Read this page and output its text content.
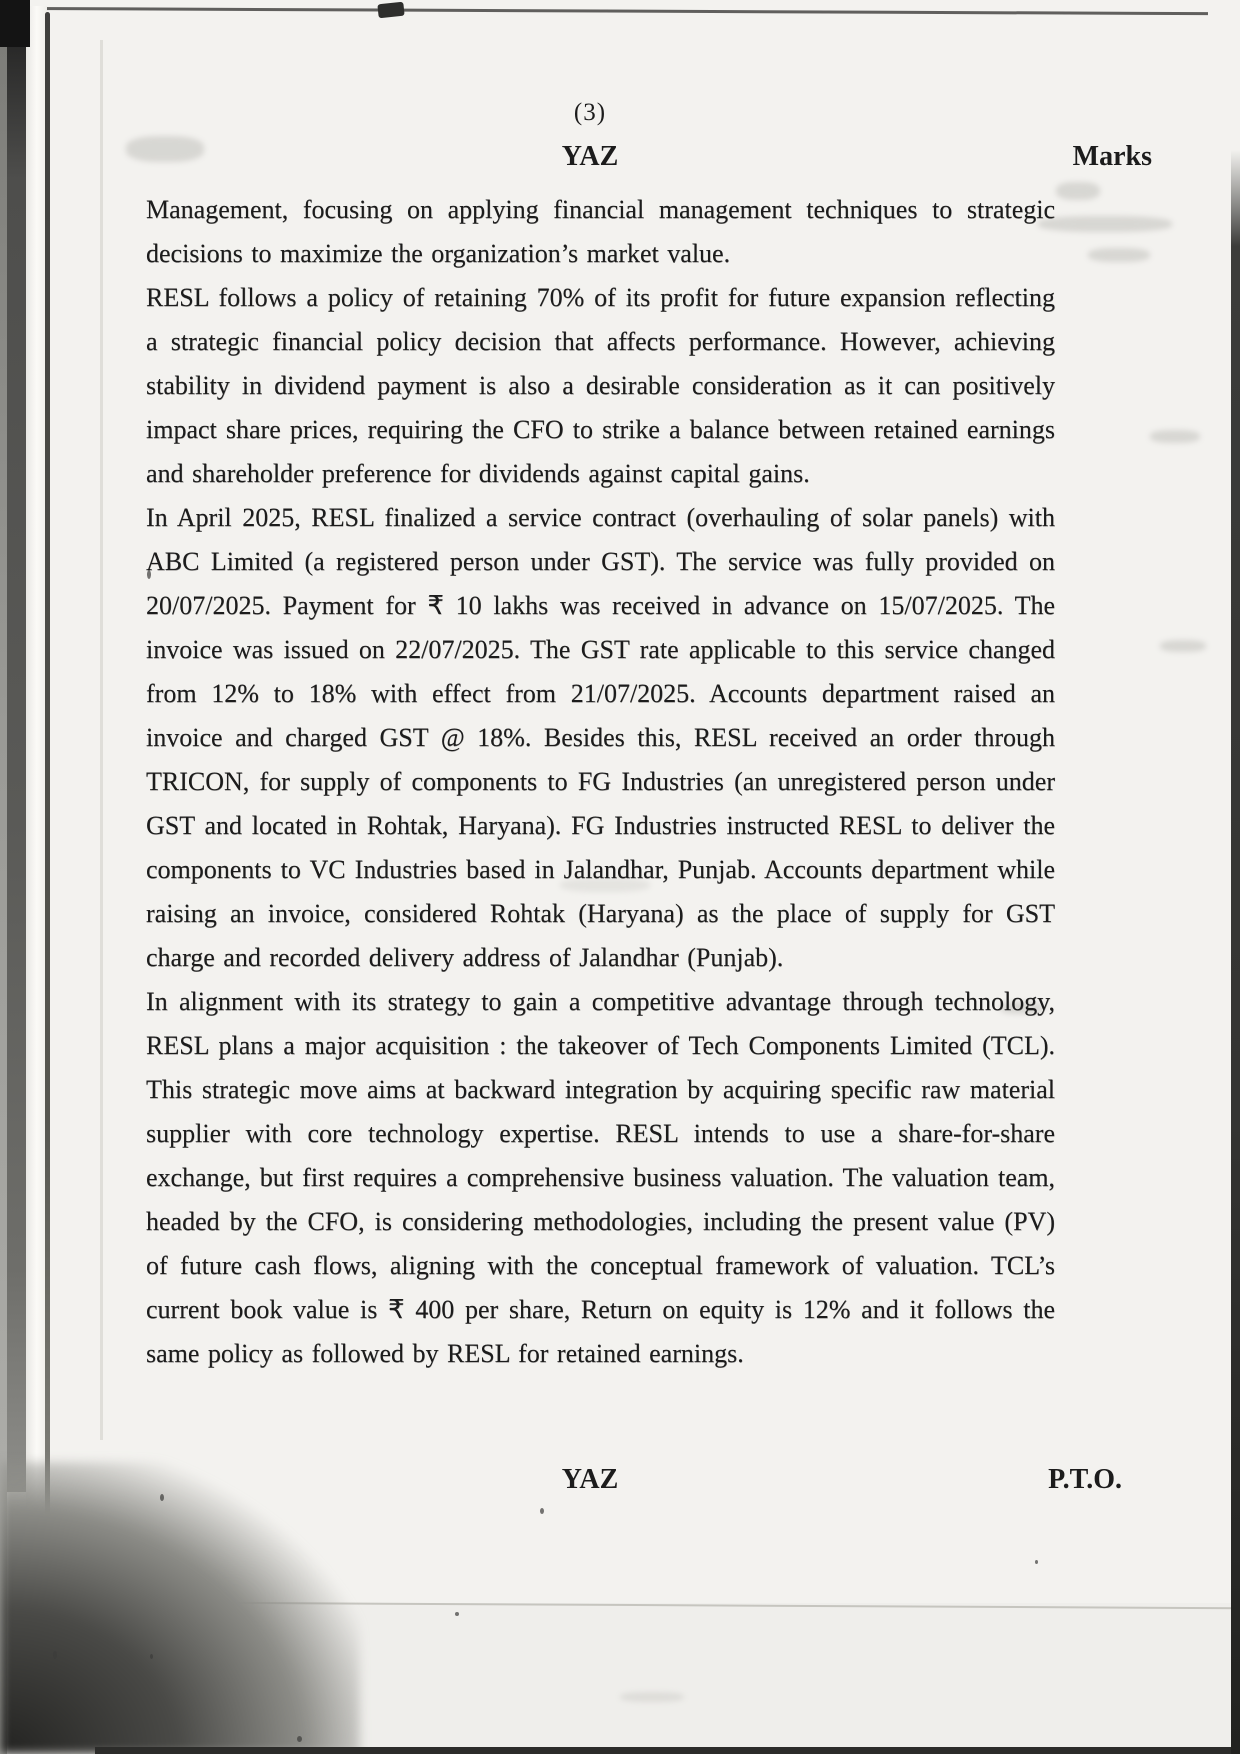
(3)
YAZ	Marks

Management, focusing on applying financial management techniques to strategic decisions to maximize the organization’s market value.

RESL follows a policy of retaining 70% of its profit for future expansion reflecting a strategic financial policy decision that affects performance. However, achieving stability in dividend payment is also a desirable consideration as it can positively impact share prices, requiring the CFO to strike a balance between retained earnings and shareholder preference for dividends against capital gains.

In April 2025, RESL finalized a service contract (overhauling of solar panels) with ABC Limited (a registered person under GST). The service was fully provided on 20/07/2025. Payment for ₹ 10 lakhs was received in advance on 15/07/2025. The invoice was issued on 22/07/2025. The GST rate applicable to this service changed from 12% to 18% with effect from 21/07/2025. Accounts department raised an invoice and charged GST @ 18%. Besides this, RESL received an order through TRICON, for supply of components to FG Industries (an unregistered person under GST and located in Rohtak, Haryana). FG Industries instructed RESL to deliver the components to VC Industries based in Jalandhar, Punjab. Accounts department while raising an invoice, considered Rohtak (Haryana) as the place of supply for GST charge and recorded delivery address of Jalandhar (Punjab).

In alignment with its strategy to gain a competitive advantage through technology, RESL plans a major acquisition : the takeover of Tech Components Limited (TCL). This strategic move aims at backward integration by acquiring specific raw material supplier with core technology expertise. RESL intends to use a share-for-share exchange, but first requires a comprehensive business valuation. The valuation team, headed by the CFO, is considering methodologies, including the present value (PV) of future cash flows, aligning with the conceptual framework of valuation. TCL’s current book value is ₹ 400 per share, Return on equity is 12% and it follows the same policy as followed by RESL for retained earnings.

YAZ	P.T.O.
